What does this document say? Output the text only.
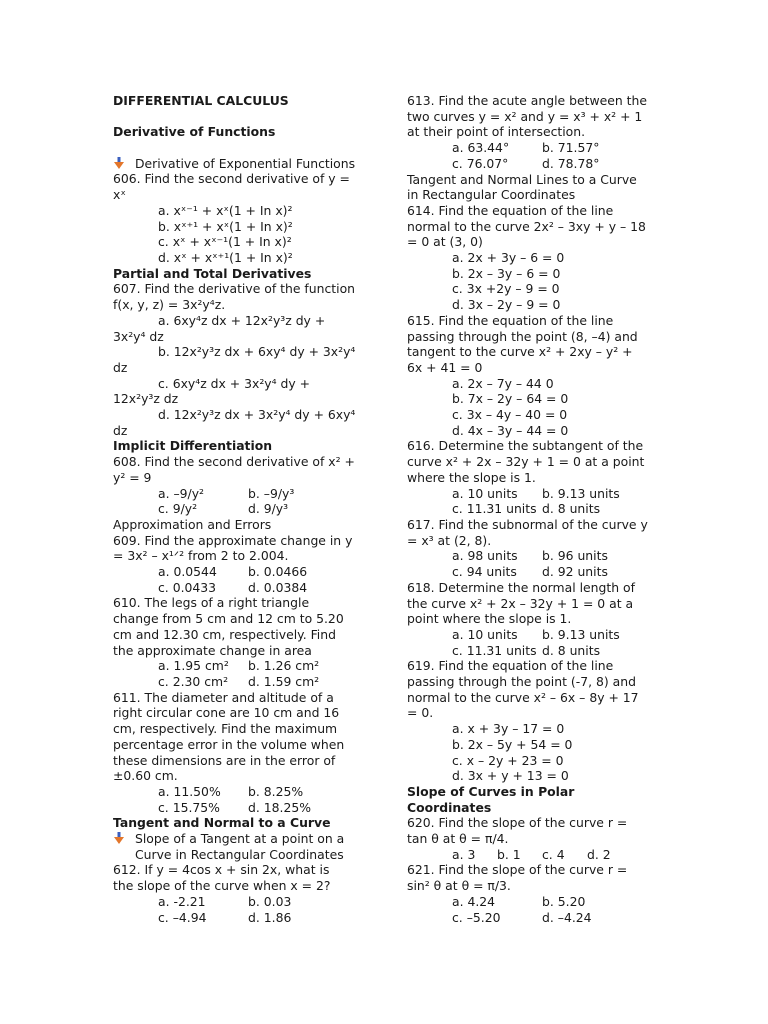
DIFFERENTIAL CALCULUS
Derivative of Functions
Derivative of Exponential Functions
606. Find the second derivative of y =
xˣ
a. xˣ⁻¹ + xˣ(1 + In x)²
b. xˣ⁺¹ + xˣ(1 + In x)²
c. xˣ + xˣ⁻¹(1 + In x)²
d. xˣ + xˣ⁺¹(1 + In x)²
Partial and Total Derivatives
607. Find the derivative of the function
f(x, y, z) = 3x²y⁴z.
a. 6xy⁴z dx + 12x²y³z dy +
3x²y⁴ dz
b. 12x²y³z dx + 6xy⁴ dy + 3x²y⁴
dz
c. 6xy⁴z dx + 3x²y⁴ dy +
12x²y³z dz
d. 12x²y³z dx + 3x²y⁴ dy + 6xy⁴
dz
Implicit Differentiation
608. Find the second derivative of x² +
y² = 9
a. –9/y²	b. –9/y³
c. 9/y²	d. 9/y³
Approximation and Errors
609. Find the approximate change in y
= 3x² – x¹ᐟ² from 2 to 2.004.
a. 0.0544	b. 0.0466
c. 0.0433	d. 0.0384
610. The legs of a right triangle
change from 5 cm and 12 cm to 5.20
cm and 12.30 cm, respectively. Find
the approximate change in area
a. 1.95 cm²	b. 1.26 cm²
c. 2.30 cm²	d. 1.59 cm²
611. The diameter and altitude of a
right circular cone are 10 cm and 16
cm, respectively. Find the maximum
percentage error in the volume when
these dimensions are in the error of
±0.60 cm.
a. 11.50%	b. 8.25%
c. 15.75%	d. 18.25%
Tangent and Normal to a Curve
Slope of a Tangent at a point on a
Curve in Rectangular Coordinates
612. If y = 4cos x + sin 2x, what is
the slope of the curve when x = 2?
a. -2.21	b. 0.03
c. –4.94	d. 1.86
613. Find the acute angle between the
two curves y = x² and y = x³ + x² + 1
at their point of intersection.
a. 63.44°	b. 71.57°
c. 76.07°	d. 78.78°
Tangent and Normal Lines to a Curve
in Rectangular Coordinates
614. Find the equation of the line
normal to the curve 2x² – 3xy + y – 18
= 0 at (3, 0)
a. 2x + 3y – 6 = 0
b. 2x – 3y – 6 = 0
c. 3x +2y – 9 = 0
d. 3x – 2y – 9 = 0
615. Find the equation of the line
passing through the point (8, –4) and
tangent to the curve x² + 2xy – y² +
6x + 41 = 0
a. 2x – 7y – 44 0
b. 7x – 2y – 64 = 0
c. 3x – 4y – 40 = 0
d. 4x – 3y – 44 = 0
616. Determine the subtangent of the
curve x² + 2x – 32y + 1 = 0 at a point
where the slope is 1.
a. 10 units	b. 9.13 units
c. 11.31 units d. 8 units
617. Find the subnormal of the curve y
= x³ at (2, 8).
a. 98 units	b. 96 units
c. 94 units	d. 92 units
618. Determine the normal length of
the curve x² + 2x – 32y + 1 = 0 at a
point where the slope is 1.
a. 10 units	b. 9.13 units
c. 11.31 units d. 8 units
619. Find the equation of the line
passing through the point (-7, 8) and
normal to the curve x² – 6x – 8y + 17
= 0.
a. x + 3y – 17 = 0
b. 2x – 5y + 54 = 0
c. x – 2y + 23 = 0
d. 3x + y + 13 = 0
Slope of Curves in Polar
Coordinates
620. Find the slope of the curve r =
tan θ at θ = π/4.
a. 3	b. 1	c. 4	d. 2
621. Find the slope of the curve r =
sin² θ at θ = π/3.
a. 4.24	b. 5.20
c. –5.20	d. –4.24
